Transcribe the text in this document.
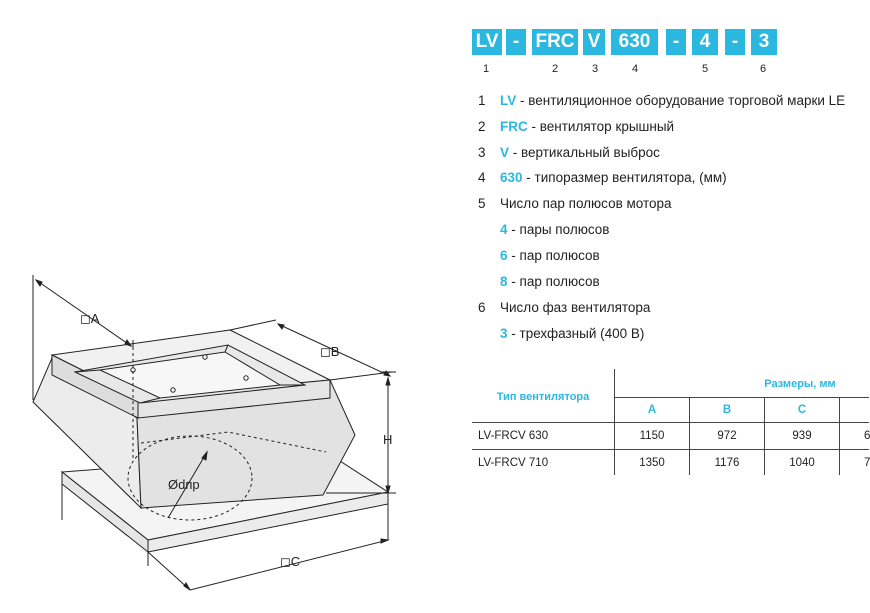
◻A
◻B
H
◻C
Ødпр
LV - FRC V 630	-	4	-	3
1	2	3	4	5	6
1	LV - вентиляционное оборудование торговой марки LE
2	FRC - вентилятор крышный
3	V - вертикальный выброс
4	630 - типоразмер вентилятора, (мм)
5	Число пар полюсов мотора
4 - пары полюсов
6 - пар полюсов
8 - пар полюсов
6	Число фаз вентилятора
3 - трехфазный (400 В)
Тип вентилятора
Размеры, мм
A	B	C
LV-FRCV 630	1150	972	939	6
LV-FRCV 710	1350	1176	1040	7
